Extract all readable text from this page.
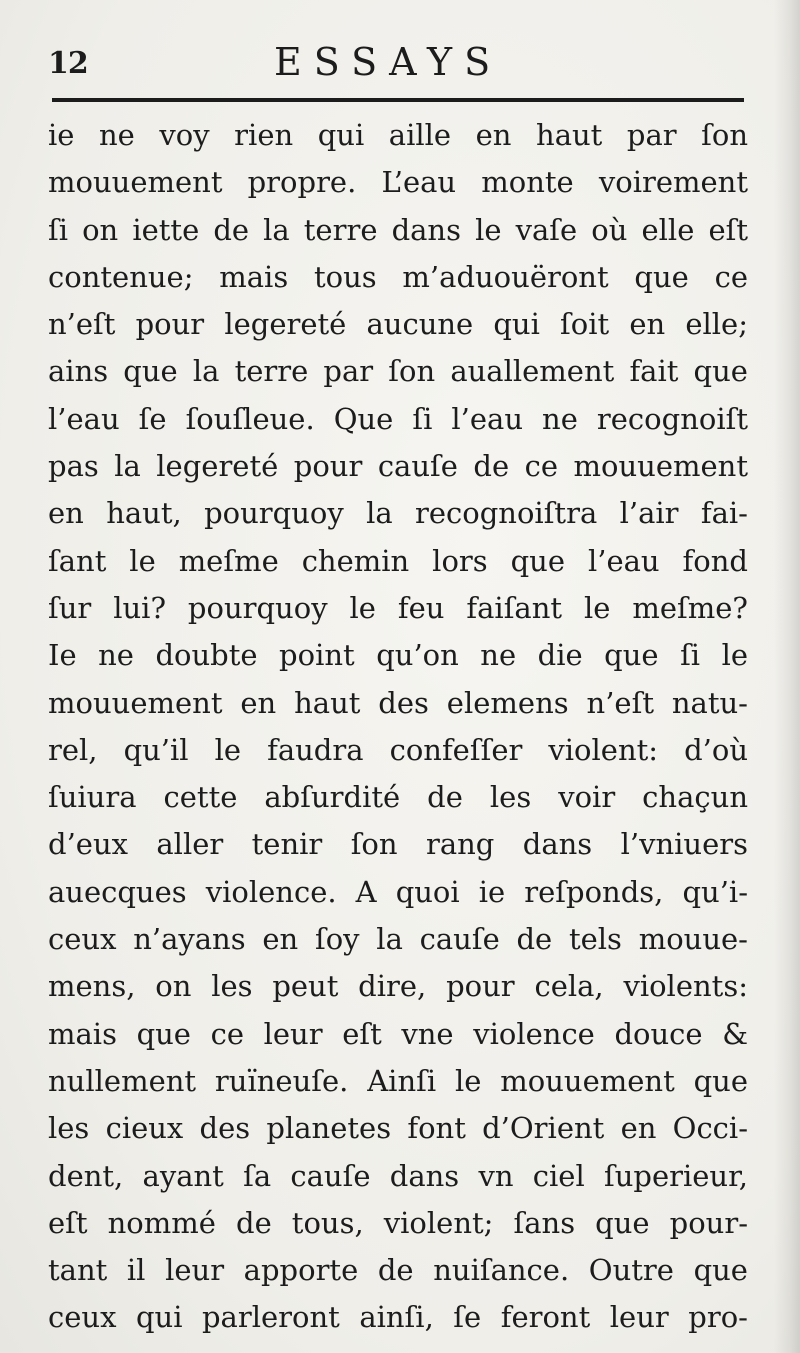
12	ESSAYS
ie ne voy rien qui aille en haut par ſon
mouuement propre. L’eau monte voirement
ſi on iette de la terre dans le vaſe où elle eſt
contenue; mais tous m’aduouëront que ce
n’eſt pour legereté aucune qui ſoit en elle;
ains que la terre par ſon auallement fait que
l’eau ſe ſouſleue. Que ſi l’eau ne recognoiſt
pas la legereté pour cauſe de ce mouuement
en haut, pourquoy la recognoiſtra l’air fai-
ſant le meſme chemin lors que l’eau fond
ſur lui? pourquoy le feu faiſant le meſme?
Ie ne doubte point qu’on ne die que ſi le
mouuement en haut des elemens n’eſt natu-
rel, qu’il le faudra confeſſer violent: d’où
ſuiura cette abſurdité de les voir chaçun
d’eux aller tenir ſon rang dans l’vniuers
auecques violence. A quoi ie reſponds, qu’i-
ceux n’ayans en ſoy la cauſe de tels mouue-
mens, on les peut dire, pour cela, violents:
mais que ce leur eſt vne violence douce &
nullement ruïneuſe. Ainſi le mouuement que
les cieux des planetes font d’Orient en Occi-
dent, ayant ſa cauſe dans vn ciel ſuperieur,
eſt nommé de tous, violent; ſans que pour-
tant il leur apporte de nuiſance. Outre que
ceux qui parleront ainſi, ſe feront leur pro-
